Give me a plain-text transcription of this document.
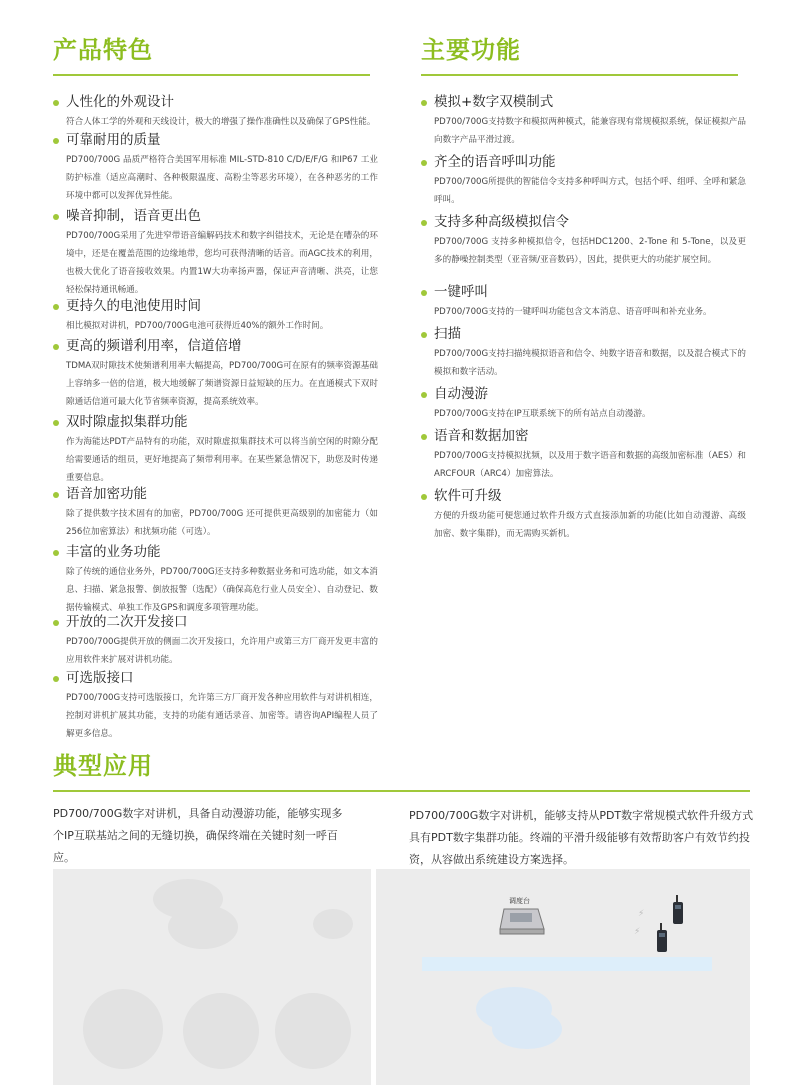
产品特色	主要功能
人性化的外观设计
符合人体工学的外观和天线设计，极大的增强了操作准确性以及确保了GPS性能。
可靠耐用的质量
PD700/700G 品质严格符合美国军用标准 MIL-STD-810 C/D/E/F/G 和IP67 工业防护标准（适应高潮时、各种极限温度、高粉尘等恶劣环境），在各种恶劣的工作环境中都可以发挥优异性能。
噪音抑制，语音更出色
PD700/700G采用了先进窄带语音编解码技术和数字纠错技术，无论是在嘈杂的环境中，还是在覆盖范围的边缘地带，您均可获得清晰的话音。而AGC技术的利用，也极大优化了语音接收效果。内置1W大功率扬声器，保证声音清晰、洪亮，让您轻松保持通讯畅通。
更持久的电池使用时间
相比模拟对讲机，PD700/700G电池可获得近40%的额外工作时间。
更高的频谱利用率，信道倍增
TDMA双时隙技术使频谱利用率大幅提高，PD700/700G可在原有的频率资源基础上容纳多一倍的信道，极大地缓解了频谱资源日益短缺的压力。在直通模式下双时隙通话信道可最大化节省频率资源，提高系统效率。
双时隙虚拟集群功能
作为海能达PDT产品特有的功能，双时隙虚拟集群技术可以将当前空闲的时隙分配给需要通话的组员，更好地提高了频带利用率。在某些紧急情况下，助您及时传递重要信息。
语音加密功能
除了提供数字技术固有的加密，PD700/700G 还可提供更高级别的加密能力（如256位加密算法）和扰频功能（可选）。
丰富的业务功能
除了传统的通信业务外，PD700/700G还支持多种数据业务和可选功能，如文本消息、扫描、紧急报警、倒放报警（选配）（确保高危行业人员安全）、自动登记、数据传输模式、单独工作及GPS和调度多项管理功能。
开放的二次开发接口
PD700/700G提供开放的侧面二次开发接口，允许用户或第三方厂商开发更丰富的应用软件来扩展对讲机功能。
可选版接口
PD700/700G支持可选版接口，允许第三方厂商开发各种应用软件与对讲机相连，控制对讲机扩展其功能，支持的功能有通话录音、加密等。请咨询API编程人员了解更多信息。
模拟+数字双模制式
PD700/700G支持数字和模拟两种模式，能兼容现有常规模拟系统，保证模拟产品向数字产品平滑过渡。
齐全的语音呼叫功能
PD700/700G所提供的智能信令支持多种呼叫方式，包括个呼、组呼、全呼和紧急呼叫。
支持多种高级模拟信令
PD700/700G 支持多种模拟信令，包括HDC1200、2-Tone 和 5-Tone，以及更多的静噪控制类型（亚音频/亚音数码），因此，提供更大的功能扩展空间。
一键呼叫
PD700/700G支持的一键呼叫功能包含文本消息、语音呼叫和补充业务。
扫描
PD700/700G支持扫描纯模拟语音和信令、纯数字语音和数据，以及混合模式下的模拟和数字活动。
自动漫游
PD700/700G支持在IP互联系统下的所有站点自动漫游。
语音和数据加密
PD700/700G支持模拟扰频，以及用于数字语音和数据的高级加密标准（AES）和ARCFOUR（ARC4）加密算法。
软件可升级
方便的升级功能可便您通过软件升级方式直接添加新的功能(比如自动漫游、高级加密、数字集群)，而无需购买新机。
典型应用
PD700/700G数字对讲机，具备自动漫游功能，能够实现多个IP互联基站之间的无缝切换，确保终端在关键时刻一呼百应。
PD700/700G数字对讲机，能够支持从PDT数字常规模式软件升级方式具有PDT数字集群功能。终端的平滑升级能够有效帮助客户有效节约投资，从容做出系统建设方案选择。
调度台
⚡
⚡
